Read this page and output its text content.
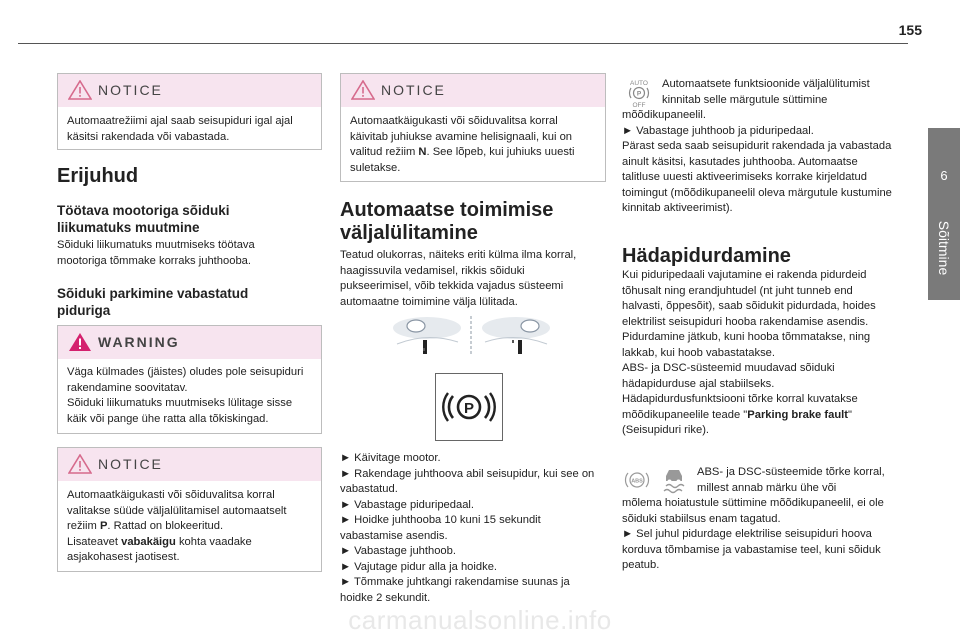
155
6
Sõitmine
NOTICE
Automaatrežiimi ajal saab seisupiduri igal ajal käsitsi rakendada või vabastada.
Erijuhud
Töötava mootoriga sõiduki liikumatuks muutmine
Sõiduki liikumatuks muutmiseks töötava mootoriga tõmmake korraks juhthooba.
Sõiduki parkimine vabastatud piduriga
WARNING
Väga külmades (jäistes) oludes pole seisupiduri rakendamine soovitatav.
Sõiduki liikumatuks muutmiseks lülitage sisse käik või pange ühe ratta alla tõkiskingad.
NOTICE
Automaatkäigukasti või sõiduvalitsa korral valitakse süüde väljalülitamisel automaatselt režiim P. Rattad on blokeeritud.
Lisateavet vabakäigu kohta vaadake asjakohasest jaotisest.
NOTICE
Automaatkäigukasti või sõiduvalitsa korral käivitab juhiukse avamine helisignaali, kui on valitud režiim N. See lõpeb, kui juhiuks uuesti suletakse.
Automaatse toimimise väljalülitamine
Teatud olukorras, näiteks eriti külma ilma korral, haagissuvila vedamisel, rikkis sõiduki pukseerimisel, võib tekkida vajadus süsteemi automaatne toimimine välja lülitada.
P
► Käivitage mootor.
► Rakendage juhthoova abil seisupidur, kui see on vabastatud.
► Vabastage piduripedaal.
► Hoidke juhthooba 10 kuni 15 sekundit vabastamise asendis.
► Vabastage juhthoob.
► Vajutage pidur alla ja hoidke.
► Tõmmake juhtkangi rakendamise suunas ja hoidke 2 sekundit.
AUTO
P
OFF
Automaatsete funktsioonide väljalülitumist kinnitab selle märgutule süttimine
mõõdikupaneelil.
► Vabastage juhthoob ja piduripedaal.
Pärast seda saab seisupidurit rakendada ja vabastada ainult käsitsi, kasutades juhthooba. Automaatse talitluse uuesti aktiveerimiseks korrake kirjeldatud toimingut (mõõdikupaneelil oleva märgutule kustumine kinnitab aktiveerimist).
Hädapidurdamine
Kui piduripedaali vajutamine ei rakenda pidurdeid tõhusalt ning erandjuhtudel (nt juht tunneb end halvasti, õppesõit), saab sõidukit pidurdada, hoides elektrilist seisupiduri hooba rakendamise asendis. Pidurdamine jätkub, kuni hooba tõmmatakse, ning lakkab, kui hoob vabastatakse.
ABS- ja DSC-süsteemid muudavad sõiduki hädapidurduse ajal stabiilseks.
Hädapidurdusfunktsiooni tõrke korral kuvatakse mõõdikupaneelile teade "Parking brake fault" (Seisupiduri rike).
ABS
ABS- ja DSC-süsteemide tõrke korral, millest annab märku ühe või
mõlema hoiatustule süttimine mõõdikupaneelil, ei ole sõiduki stabiilsus enam tagatud.
► Sel juhul pidurdage elektrilise seisupiduri hoova korduva tõmbamise ja vabastamise teel, kuni sõiduk peatub.
carmanualsonline.info
